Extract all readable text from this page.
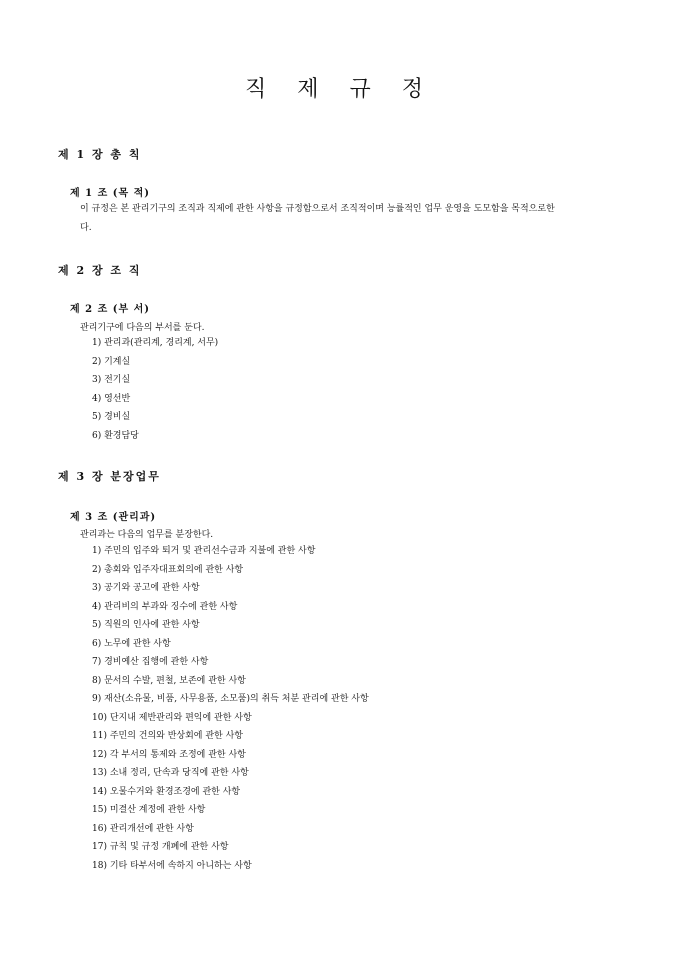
직 제 규 정
제 1 장 총 칙
제 1 조 (목 적)
이 규정은 본 관리기구의 조직과 직제에 관한 사항을 규정함으로서 조직적이며 능률적인 업무 운영을 도모함을 목적으로한다.
제 2 장 조 직
제 2 조 (부 서)
관리기구에 다음의 부서를 둔다.
1) 관리과(관리계, 경리계, 서무)
2) 기계실
3) 전기실
4) 영선반
5) 경비실
6) 환경담당
제 3 장 분장업무
제 3 조 (관리과)
관리과는 다음의 업무를 분장한다.
1) 주민의 입주와 퇴거 및 관리선수금과 지불에 관한 사항
2) 총회와 입주자대표회의에 관한 사항
3) 공기와 공고에 관한 사항
4) 관리비의 부과와 징수에 관한 사항
5) 직원의 인사에 관한 사항
6) 노무에 관한 사항
7) 경비예산 집행에 관한 사항
8) 문서의 수발, 편철, 보존에 관한 사항
9) 재산(소유물, 비품, 사무용품, 소모품)의 취득 처분 관리에 관한 사항
10) 단지내 제반관리와 편익에 관한 사항
11) 주민의 건의와 반상회에 관한 사항
12) 각 부서의 통제와 조정에 관한 사항
13) 소내 정리, 단속과 당직에 관한 사항
14) 오물수거와 환경조경에 관한 사항
15) 미결산 계정에 관한 사항
16) 관리개선에 관한 사항
17) 규칙 및 규정 개폐에 관한 사항
18) 기타 타부서에 속하지 아니하는 사항
